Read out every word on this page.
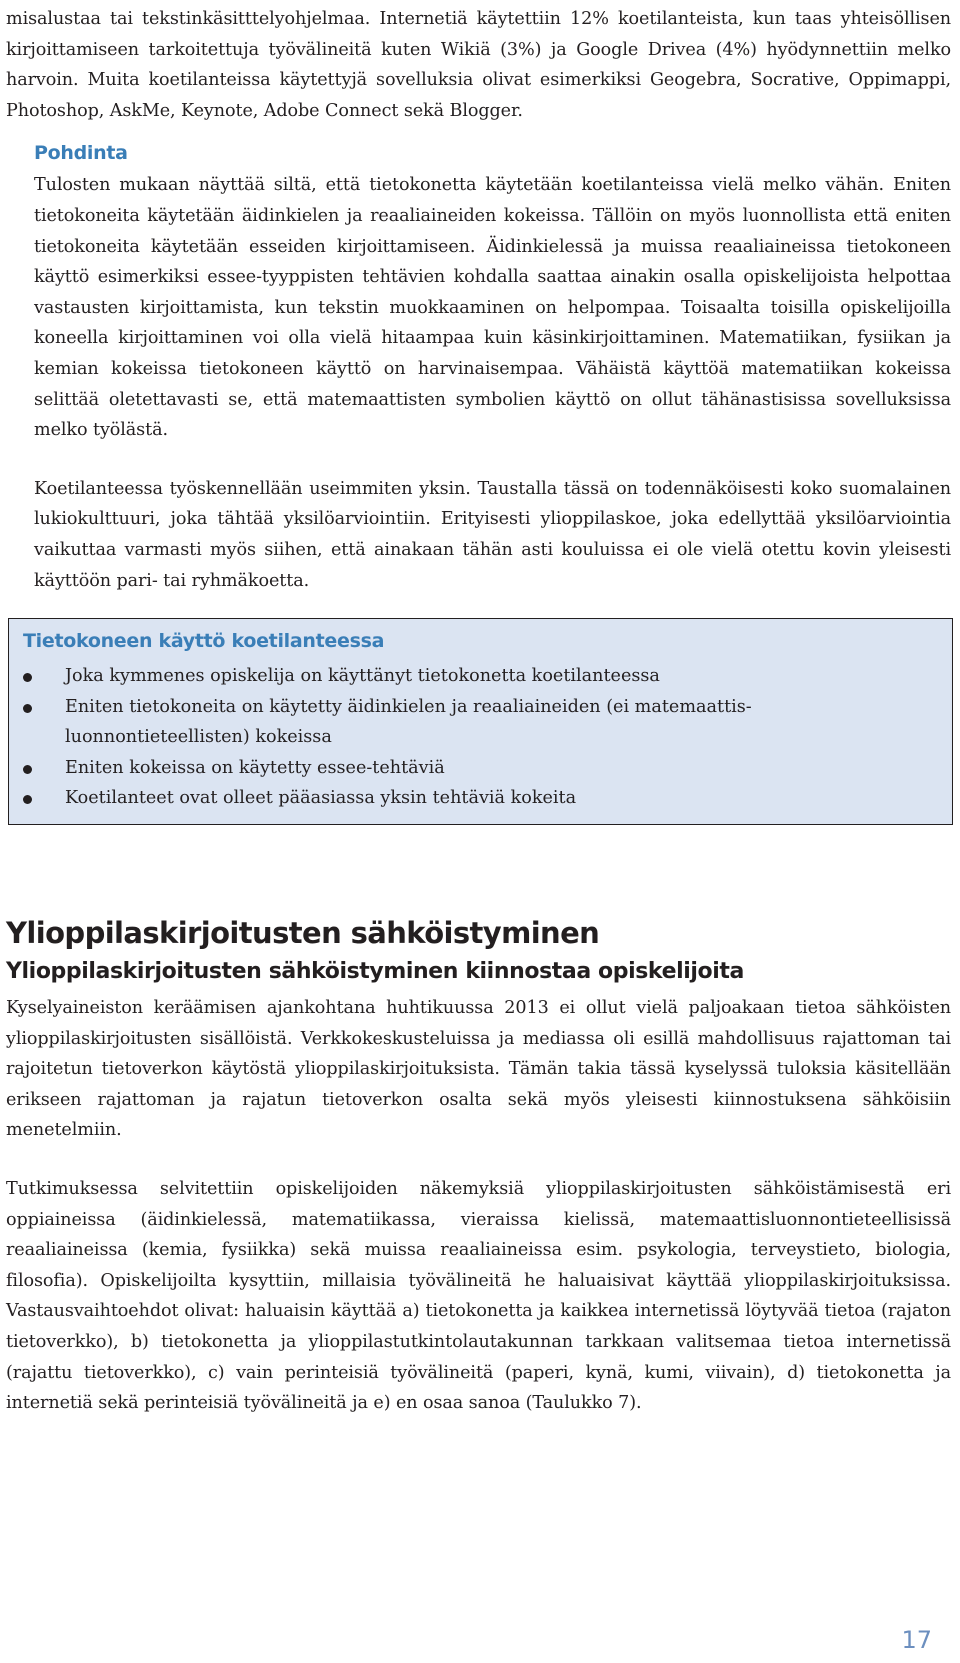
misalustaa tai tekstinkäsitttelyohjelmaa. Internetiä käytettiin 12% koetilanteista, kun taas yhteisöllisen kirjoittamiseen tarkoitettuja työvälineitä kuten Wikiä (3%) ja Google Drivea (4%) hyödynnettiin melko harvoin. Muita koetilanteissa käytettyjä sovelluksia olivat esimerkiksi Geogebra, Socrative, Oppimappi, Photoshop, AskMe, Keynote, Adobe Connect sekä Blogger.

Pohdinta

Tulosten mukaan näyttää siltä, että tietokonetta käytetään koetilanteissa vielä melko vähän. Eniten tietokoneita käytetään äidinkielen ja reaaliaineiden kokeissa. Tällöin on myös luonnollista että eniten tietokoneita käytetään esseiden kirjoittamiseen. Äidinkielessä ja muissa reaaliaineissa tietokoneen käyttö esimerkiksi essee-tyyppisten tehtävien kohdalla saattaa ainakin osalla opiskelijoista helpottaa vastausten kirjoittamista, kun tekstin muokkaaminen on helpompaa. Toisaalta toisilla opiskelijoilla koneella kirjoittaminen voi olla vielä hitaampaa kuin käsinkirjoittaminen. Matematiikan, fysiikan ja kemian kokeissa tietokoneen käyttö on harvinaisempaa. Vähäistä käyttöä matematiikan kokeissa selittää oletettavasti se, että matemaattisten symbolien käyttö on ollut tähänastisissa sovelluksissa melko työlästä.

Koetilanteessa työskennellään useimmiten yksin. Taustalla tässä on todennäköisesti koko suomalainen lukiokulttuuri, joka tähtää yksilöarviointiin. Erityisesti ylioppilaskoe, joka edellyttää yksilöarviointia vaikuttaa varmasti myös siihen, että ainakaan tähän asti kouluissa ei ole vielä otettu kovin yleisesti käyttöön pari- tai ryhmäkoetta.

Tietokoneen käyttö koetilanteessa
Joka kymmenes opiskelija on käyttänyt tietokonetta koetilanteessa
Eniten tietokoneita on käytetty äidinkielen ja reaaliaineiden (ei matemaattis-luonnontieteellisten) kokeissa
Eniten kokeissa on käytetty essee-tehtäviä
Koetilanteet ovat olleet pääasiassa yksin tehtäviä kokeita
Ylioppilaskirjoitusten sähköistyminen
Ylioppilaskirjoitusten sähköistyminen kiinnostaa opiskelijoita

Kyselyaineiston keräämisen ajankohtana huhtikuussa 2013 ei ollut vielä paljoakaan tietoa sähköisten ylioppilaskirjoitusten sisällöistä. Verkkokeskusteluissa ja mediassa oli esillä mahdollisuus rajattoman tai rajoitetun tietoverkon käytöstä ylioppilaskirjoituksista. Tämän takia tässä kyselyssä tuloksia käsitellään erikseen rajattoman ja rajatun tietoverkon osalta sekä myös yleisesti kiinnostuksena sähköisiin menetelmiin.

Tutkimuksessa selvitettiin opiskelijoiden näkemyksiä ylioppilaskirjoitusten sähköistämisestä eri oppiaineissa (äidinkielessä, matematiikassa, vieraissa kielissä, matemaattisluonnontieteellisissä reaaliaineissa (kemia, fysiikka) sekä muissa reaaliaineissa esim. psykologia, terveystieto, biologia, filosofia). Opiskelijoilta kysyttiin, millaisia työvälineitä he haluaisivat käyttää ylioppilaskirjoituksissa. Vastausvaihtoehdot olivat: haluaisin käyttää a) tietokonetta ja kaikkea internetissä löytyvää tietoa (rajaton tietoverkko), b) tietokonetta ja ylioppilastutkintolautakunnan tarkkaan valitsemaa tietoa internetissä (rajattu tietoverkko), c) vain perinteisiä työvälineitä (paperi, kynä, kumi, viivain), d) tietokonetta ja internetiä sekä perinteisiä työvälineitä ja e) en osaa sanoa (Taulukko 7).

17
